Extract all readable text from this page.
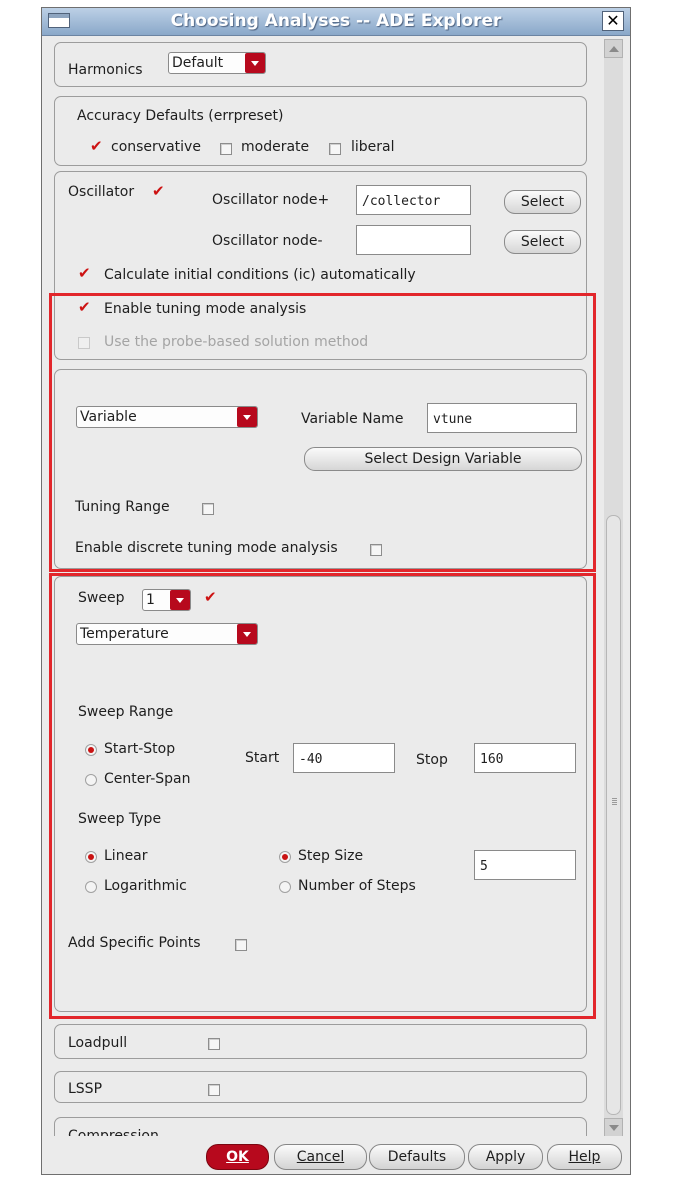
Choosing Analyses -- ADE Explorer	✕
Harmonics Default
Accuracy Defaults (errpreset)
✔
conservative	moderate	liberal
Oscillator
✔	Oscillator node+	/collector	Select
Oscillator node-	Select
✔
Calculate initial conditions (ic) automatically
✔
Enable tuning mode analysis
Use the probe-based solution method
Variable	Variable Name	vtune
Select Design Variable
Tuning Range
Enable discrete tuning mode analysis
Sweep 1
✔
Temperature
Sweep Range
Start-Stop
Center-Span
Start	-40	Stop	160
Sweep Type
Linear
Logarithmic
Step Size
Number of Steps
5
Add Specific Points
Loadpull
LSSP
OK	Cancel	Defaults	Apply	Help
